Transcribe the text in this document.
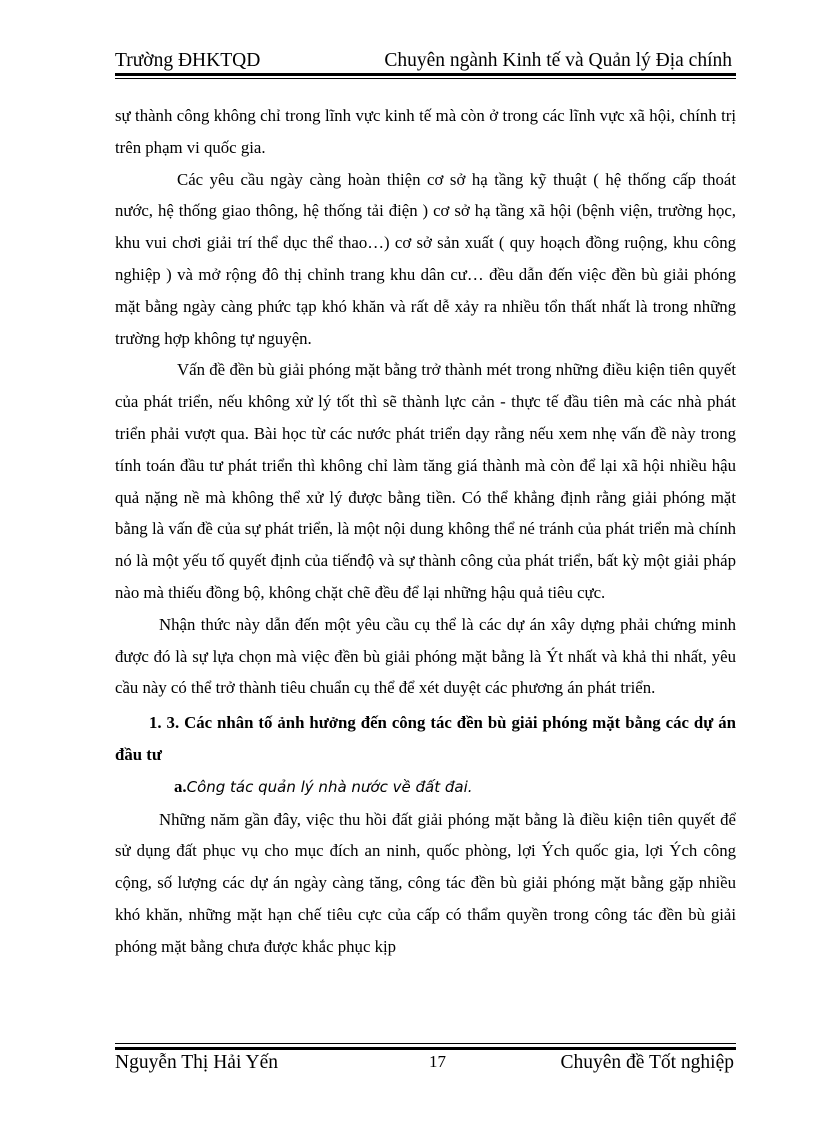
Trường ĐHKTQD	Chuyên ngành Kinh tế và Quản lý Địa chính

sự thành công không chỉ trong lĩnh vực kinh tế mà còn ở trong các lĩnh vực xã hội, chính trị trên phạm vi quốc gia.

Các yêu cầu ngày càng hoàn thiện cơ sở hạ tầng kỹ thuật ( hệ thống cấp thoát nước, hệ thống giao thông, hệ thống tải điện ) cơ sở hạ tầng xã hội (bệnh viện, trường học, khu vui chơi giải trí thể dục thể thao…) cơ sở sản xuất ( quy hoạch đồng ruộng, khu công nghiệp ) và mở rộng đô thị chỉnh trang khu dân cư… đều dẫn đến việc đền bù giải phóng mặt bằng ngày càng phức tạp khó khăn và rất dễ xảy ra nhiều tổn thất nhất là trong những trường hợp không tự nguyện.

Vấn đề đền bù giải phóng mặt bằng trở thành mét trong những điều kiện tiên quyết của phát triển, nếu không xử lý tốt thì sẽ thành lực cản - thực tế đầu tiên mà các nhà phát triển phải vượt qua. Bài học từ các nước phát triển dạy rằng nếu xem nhẹ vấn đề này trong tính toán đầu tư phát triển thì không chỉ làm tăng giá thành mà còn để lại xã hội nhiều hậu quả nặng nề mà không thể xử lý được bằng tiền. Có thể khẳng định rằng giải phóng mặt bằng là vấn đề của sự phát triển, là một nội dung không thể né tránh của phát triển mà chính nó là một yếu tố quyết định của tiếnđộ và sự thành công của phát triển, bất kỳ một giải pháp nào mà thiếu đồng bộ, không chặt chẽ đều để lại những hậu quả tiêu cực.

Nhận thức này dẫn đến một yêu cầu cụ thể là các dự án xây dựng phải chứng minh được đó là sự lựa chọn mà việc đền bù giải phóng mặt bằng là Ýt nhất và khả thi nhất, yêu cầu này có thể trở thành tiêu chuẩn cụ thể để xét duyệt các phương án phát triển.

1. 3. Các nhân tố ảnh hưởng đến công tác đền bù giải phóng mặt bằng các dự án đầu tư

a.Công tác quản lý nhà nước về đất đai.

Những năm gần đây, việc thu hồi đất giải phóng mặt bằng là điều kiện tiên quyết để sử dụng đất phục vụ cho mục đích an ninh, quốc phòng, lợi Ých quốc gia, lợi Ých công cộng, số lượng các dự án ngày càng tăng, công tác đền bù giải phóng mặt bằng gặp nhiều khó khăn, những mặt hạn chế tiêu cực của cấp có thẩm quyền trong công tác đền bù giải phóng mặt bằng chưa được khắc phục kịp

Nguyễn Thị Hải Yến	17	Chuyên đề Tốt nghiệp
